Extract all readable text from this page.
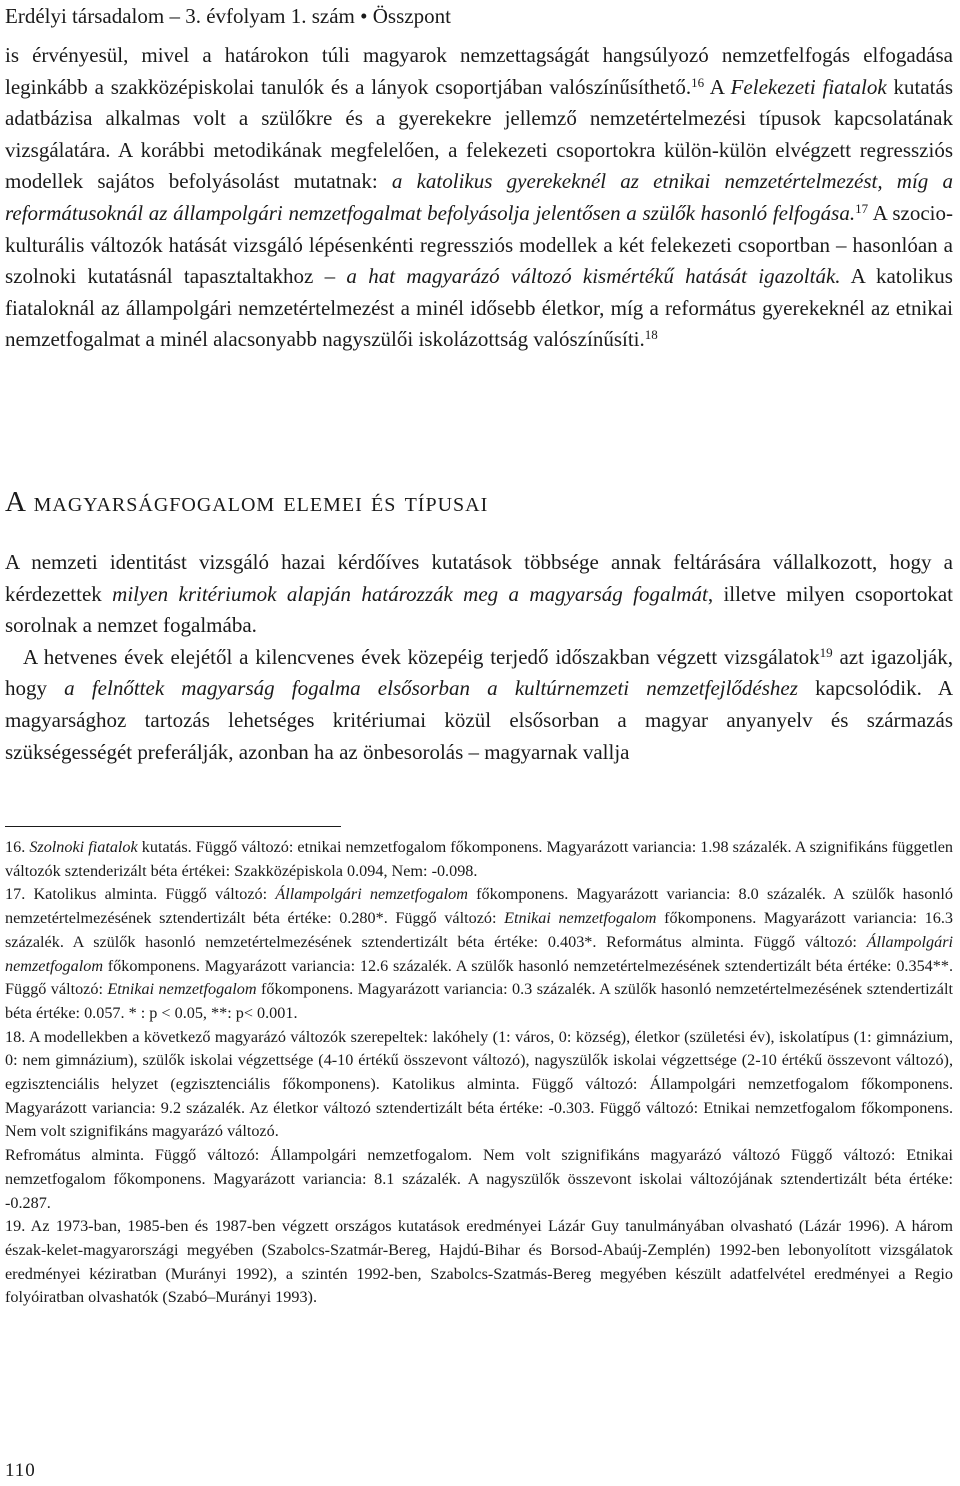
Erdélyi társadalom – 3. évfolyam 1. szám • Összpont

is érvényesül, mivel a határokon túli magyarok nemzettagságát hangsúlyozó nemzetfelfogás elfogadása leginkább a szakközépiskolai tanulók és a lányok csoportjában valószínűsíthető.$^{16}$ A Felekezeti fiatalok kutatás adatbázisa alkalmas volt a szülőkre és a gyerekekre jellemző nemzetértelmezési típusok kapcsolatának vizsgálatára. A korábbi metodikának megfelelően, a felekezeti csoportokra külön-külön elvégzett regressziós modellek sajátos befolyásolást mutatnak: a katolikus gyerekeknél az etnikai nemzetértelmezést, míg a reformátusoknál az állampolgári nemzetfogalmat befolyásolja jelentősen a szülők hasonló felfogása.$^{17}$ A szocio-kulturális változók hatását vizsgáló lépésenkénti regressziós modellek a két felekezeti csoportban – hasonlóan a szolnoki kutatásnál tapasztaltakhoz – a hat magyarázó változó kismértékű hatását igazolták. A katolikus fiataloknál az állampolgári nemzetértelmezést a minél idősebb életkor, míg a református gyerekeknél az etnikai nemzetfogalmat a minél alacsonyabb nagyszülői iskolázottság valószínűsíti.$^{18}$

A magyarságfogalom elemei és típusai

A nemzeti identitást vizsgáló hazai kérdőíves kutatások többsége annak feltárására vállalkozott, hogy a kérdezettek milyen kritériumok alapján határozzák meg a magyarság fogalmát, illetve milyen csoportokat sorolnak a nemzet fogalmába.

A hetvenes évek elejétől a kilencvenes évek közepéig terjedő időszakban végzett vizsgálatok$^{19}$ azt igazolják, hogy a felnőttek magyarság fogalma elsősorban a kultúrnemzeti nemzetfejlődéshez kapcsolódik. A magyarsághoz tartozás lehetséges kritériumai közül elsősorban a magyar anyanyelv és származás szükségességét preferálják, azonban ha az önbesorolás – magyarnak vallja

16. Szolnoki fiatalok kutatás. Függő változó: etnikai nemzetfogalom főkomponens. Magyarázott variancia: 1.98 százalék. A szignifikáns független változók sztenderizált béta értékei: Szakközépiskola 0.094, Nem: -0.098.

17. Katolikus alminta. Függő változó: Állampolgári nemzetfogalom főkomponens. Magyarázott variancia: 8.0 százalék. A szülők hasonló nemzetértelmezésének sztendertizált béta értéke: 0.280*. Függő változó: Etnikai nemzetfogalom főkomponens. Magyarázott variancia: 16.3 százalék. A szülők hasonló nemzetértelmezésének sztendertizált béta értéke: 0.403*. Református alminta. Függő változó: Állampolgári nemzetfogalom főkomponens. Magyarázott variancia: 12.6 százalék. A szülők hasonló nemzetértelmezésének sztendertizált béta értéke: 0.354**. Függő változó: Etnikai nemzetfogalom főkomponens. Magyarázott variancia: 0.3 százalék. A szülők hasonló nemzetértelmezésének sztendertizált béta értéke: 0.057. * : p < 0.05, **: p< 0.001.

18. A modellekben a következő magyarázó változók szerepeltek: lakóhely (1: város, 0: község), életkor (születési év), iskolatípus (1: gimnázium, 0: nem gimnázium), szülők iskolai végzettsége (4-10 értékű összevont változó), nagyszülők iskolai végzettsége (2-10 értékű összevont változó), egzisztenciális helyzet (egzisztenciális főkomponens). Katolikus alminta. Függő változó: Állampolgári nemzetfogalom főkomponens. Magyarázott variancia: 9.2 százalék. Az életkor változó sztendertizált béta értéke: -0.303. Függő változó: Etnikai nemzetfogalom főkomponens. Nem volt szignifikáns magyarázó változó.

Refromátus alminta. Függő változó: Állampolgári nemzetfogalom. Nem volt szignifikáns magyarázó változó Függő változó: Etnikai nemzetfogalom főkomponens. Magyarázott variancia: 8.1 százalék. A nagyszülők összevont iskolai változójának sztendertizált béta értéke: -0.287.

19. Az 1973-ban, 1985-ben és 1987-ben végzett országos kutatások eredményei Lázár Guy tanulmányában olvasható (Lázár 1996). A három észak-kelet-magyarországi megyében (Szabolcs-Szatmár-Bereg, Hajdú-Bihar és Borsod-Abaúj-Zemplén) 1992-ben lebonyolított vizsgálatok eredményei kéziratban (Murányi 1992), a szintén 1992-ben, Szabolcs-Szatmás-Bereg megyében készült adatfelvétel eredményei a Regio folyóiratban olvashatók (Szabó–Murányi 1993).

110
